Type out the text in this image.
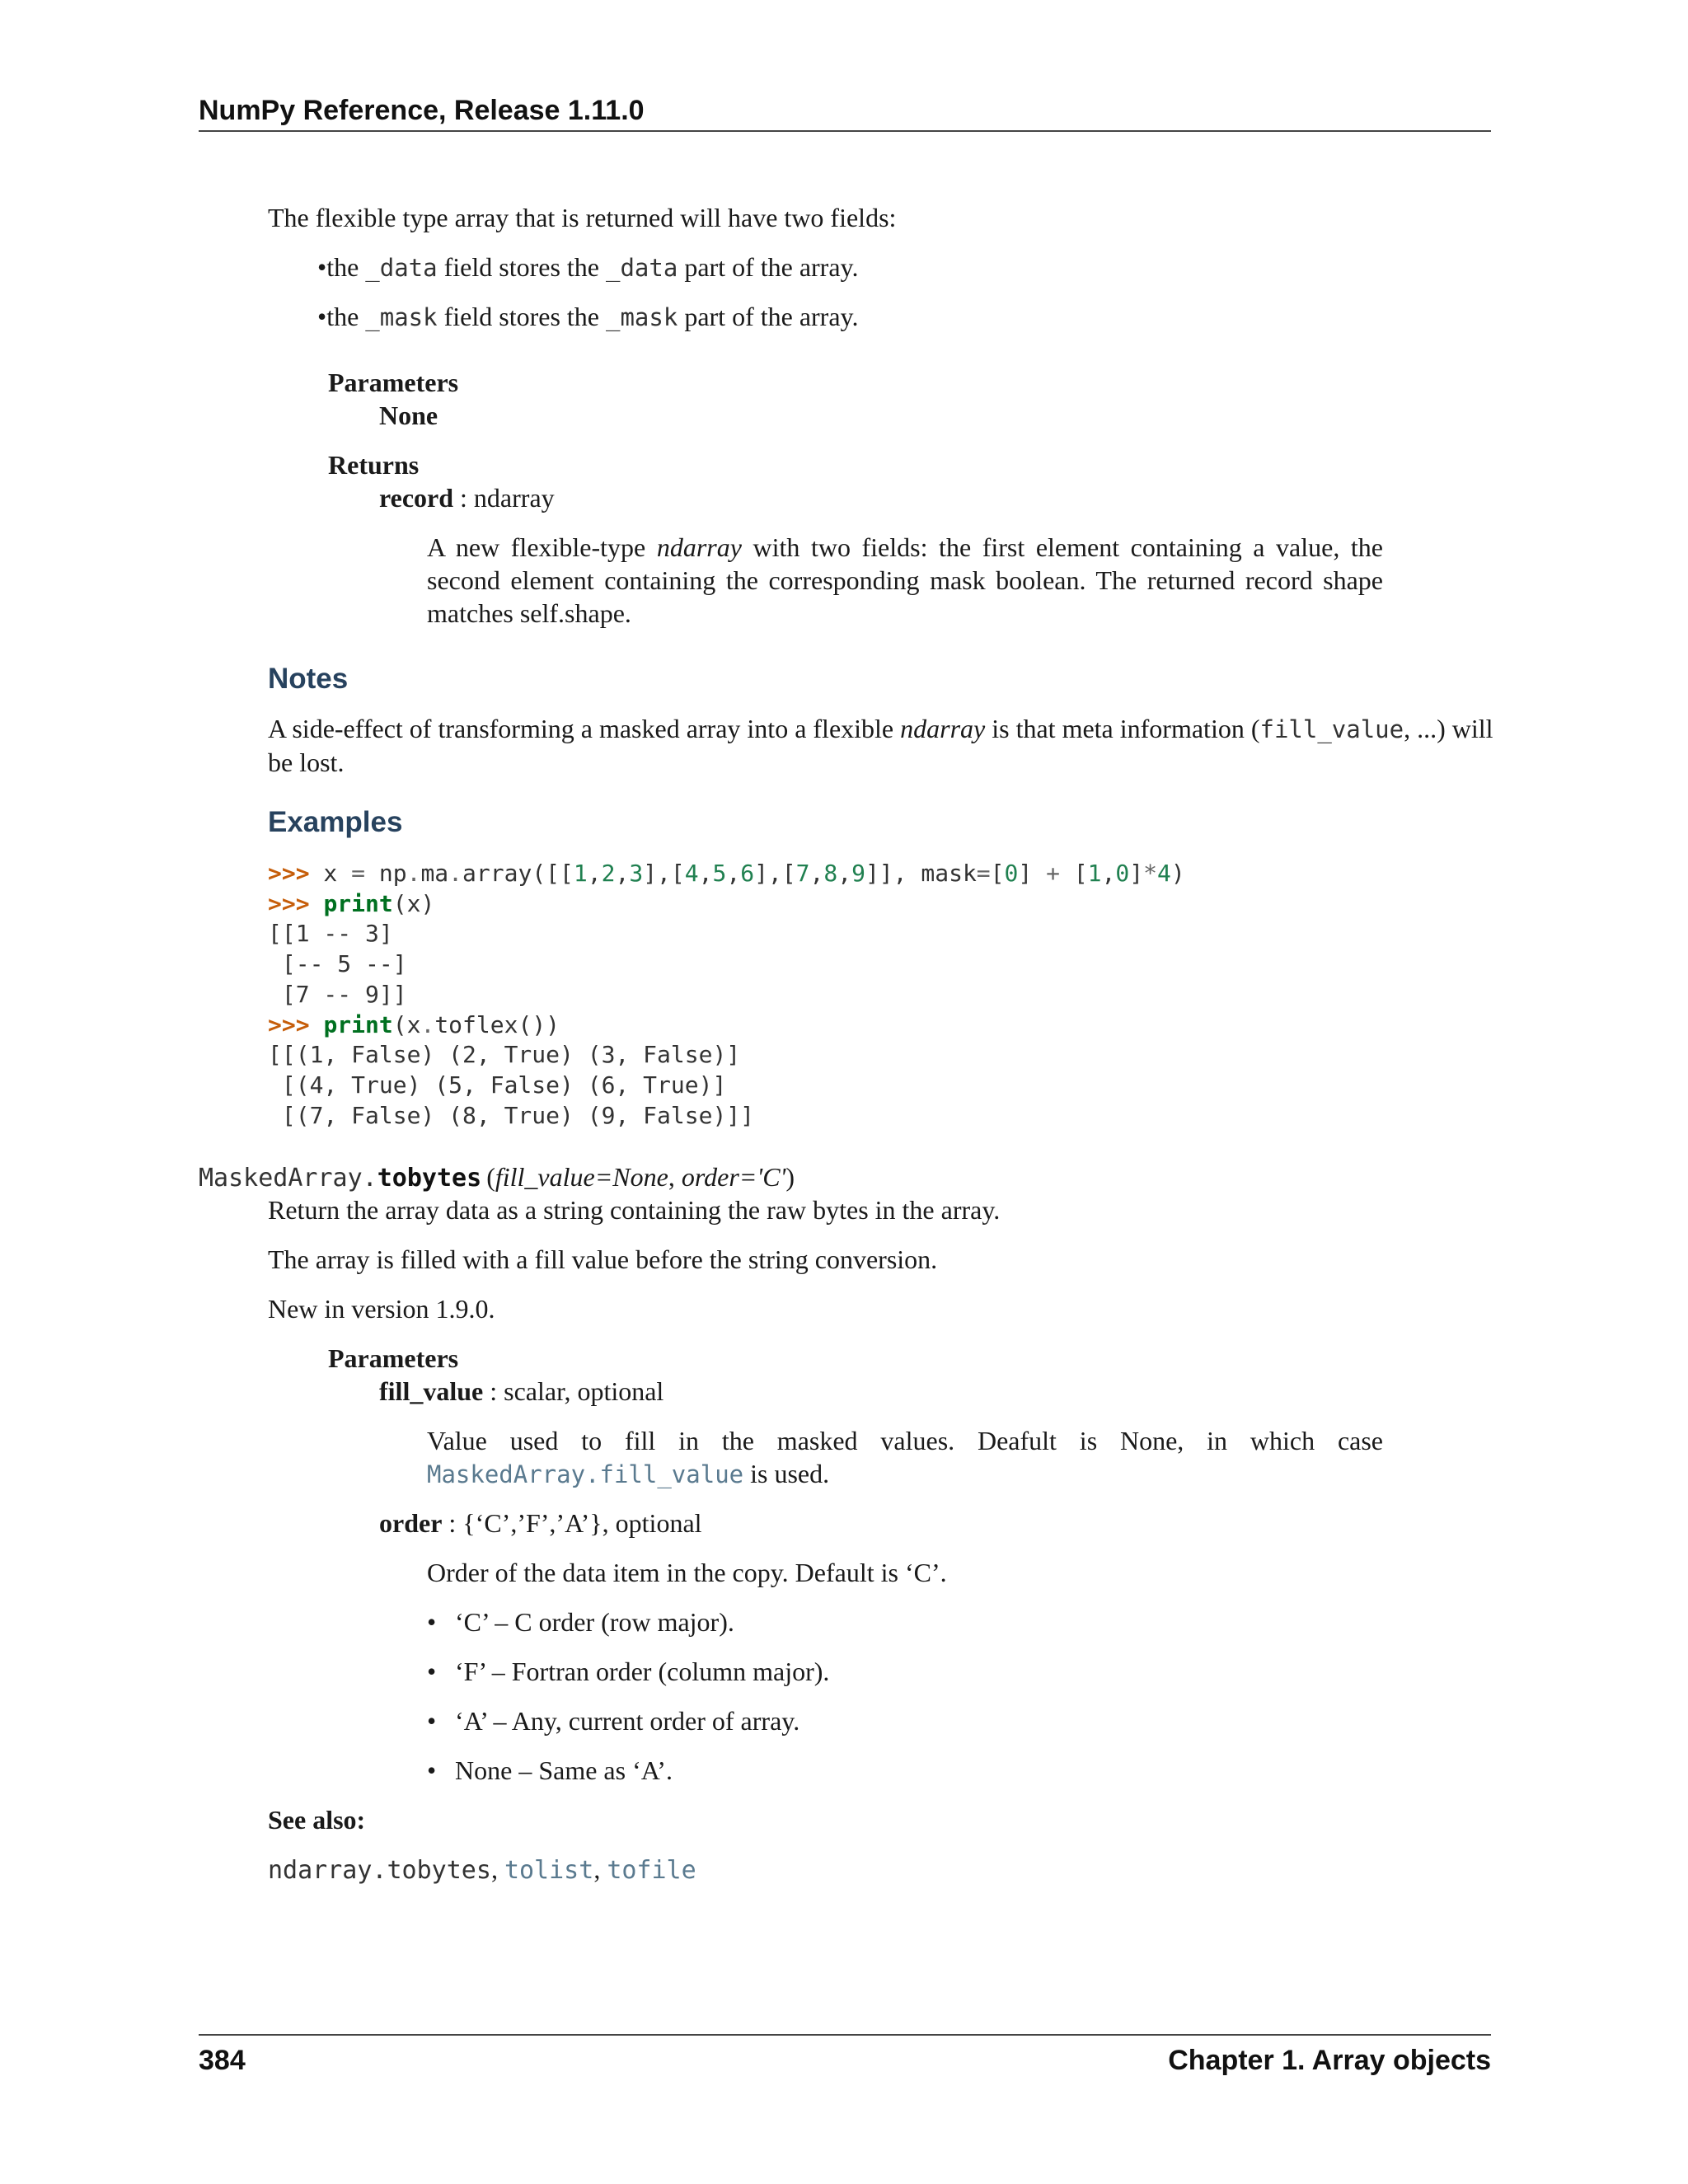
NumPy Reference, Release 1.11.0
The flexible type array that is returned will have two fields:
•the _data field stores the _data part of the array.
•the _mask field stores the _mask part of the array.
Parameters
None
Returns
record : ndarray
A new flexible-type ndarray with two fields: the first element containing a value, the second element containing the corresponding mask boolean. The returned record shape matches self.shape.
Notes
A side-effect of transforming a masked array into a flexible ndarray is that meta information (fill_value, ...) will be lost.
Examples
>>> x = np.ma.array([[1,2,3],[4,5,6],[7,8,9]], mask=[0] + [1,0]*4)
>>> print(x)
[[1 -- 3]
[-- 5 --]
[7 -- 9]]
>>> print(x.toflex())
[[(1, False) (2, True) (3, False)]
[(4, True) (5, False) (6, True)]
[(7, False) (8, True) (9, False)]]
MaskedArray.tobytes (fill_value=None, order='C')
Return the array data as a string containing the raw bytes in the array.
The array is filled with a fill value before the string conversion.
New in version 1.9.0.
Parameters
fill_value : scalar, optional
Value used to fill in the masked values. Deafult is None, in which case MaskedArray.fill_value is used.
order : {‘C’,’F’,’A’}, optional
Order of the data item in the copy. Default is ‘C’.
• ‘C’ – C order (row major).
• ‘F’ – Fortran order (column major).
• ‘A’ – Any, current order of array.
• None – Same as ‘A’.
See also:
ndarray.tobytes, tolist, tofile
384	Chapter 1. Array objects
